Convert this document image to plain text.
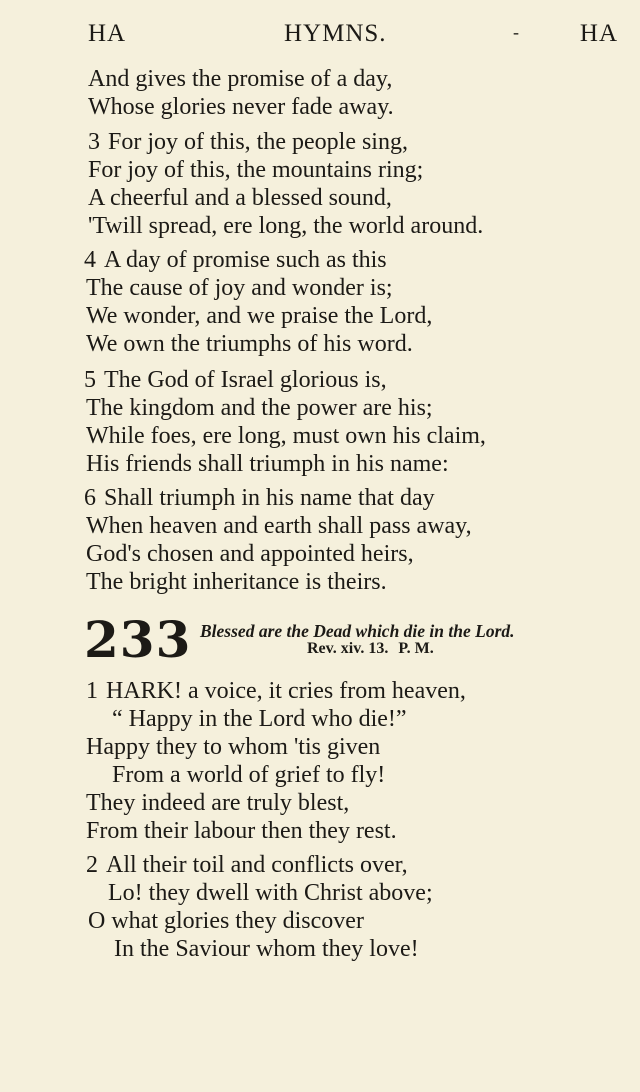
HA	HYMNS.	- HA
And gives the promise of a day,
Whose glories never fade away.
3 For joy of this, the people sing,
For joy of this, the mountains ring;
A cheerful and a blessed sound,
'Twill spread, ere long, the world around.
4 A day of promise such as this
The cause of joy and wonder is;
We wonder, and we praise the Lord,
We own the triumphs of his word.
5 The God of Israel glorious is,
The kingdom and the power are his;
While foes, ere long, must own his claim,
His friends shall triumph in his name:
6 Shall triumph in his name that day
When heaven and earth shall pass away,
God's chosen and appointed heirs,
The bright inheritance is theirs.
233 Blessed are the Dead which die in the Lord.
Rev. xiv. 13. P. M.
1 HARK! a voice, it cries from heaven,
“ Happy in the Lord who die!”
Happy they to whom 'tis given
From a world of grief to fly!
They indeed are truly blest,
From their labour then they rest.
2 All their toil and conflicts over,
Lo! they dwell with Christ above;
O what glories they discover
In the Saviour whom they love!
